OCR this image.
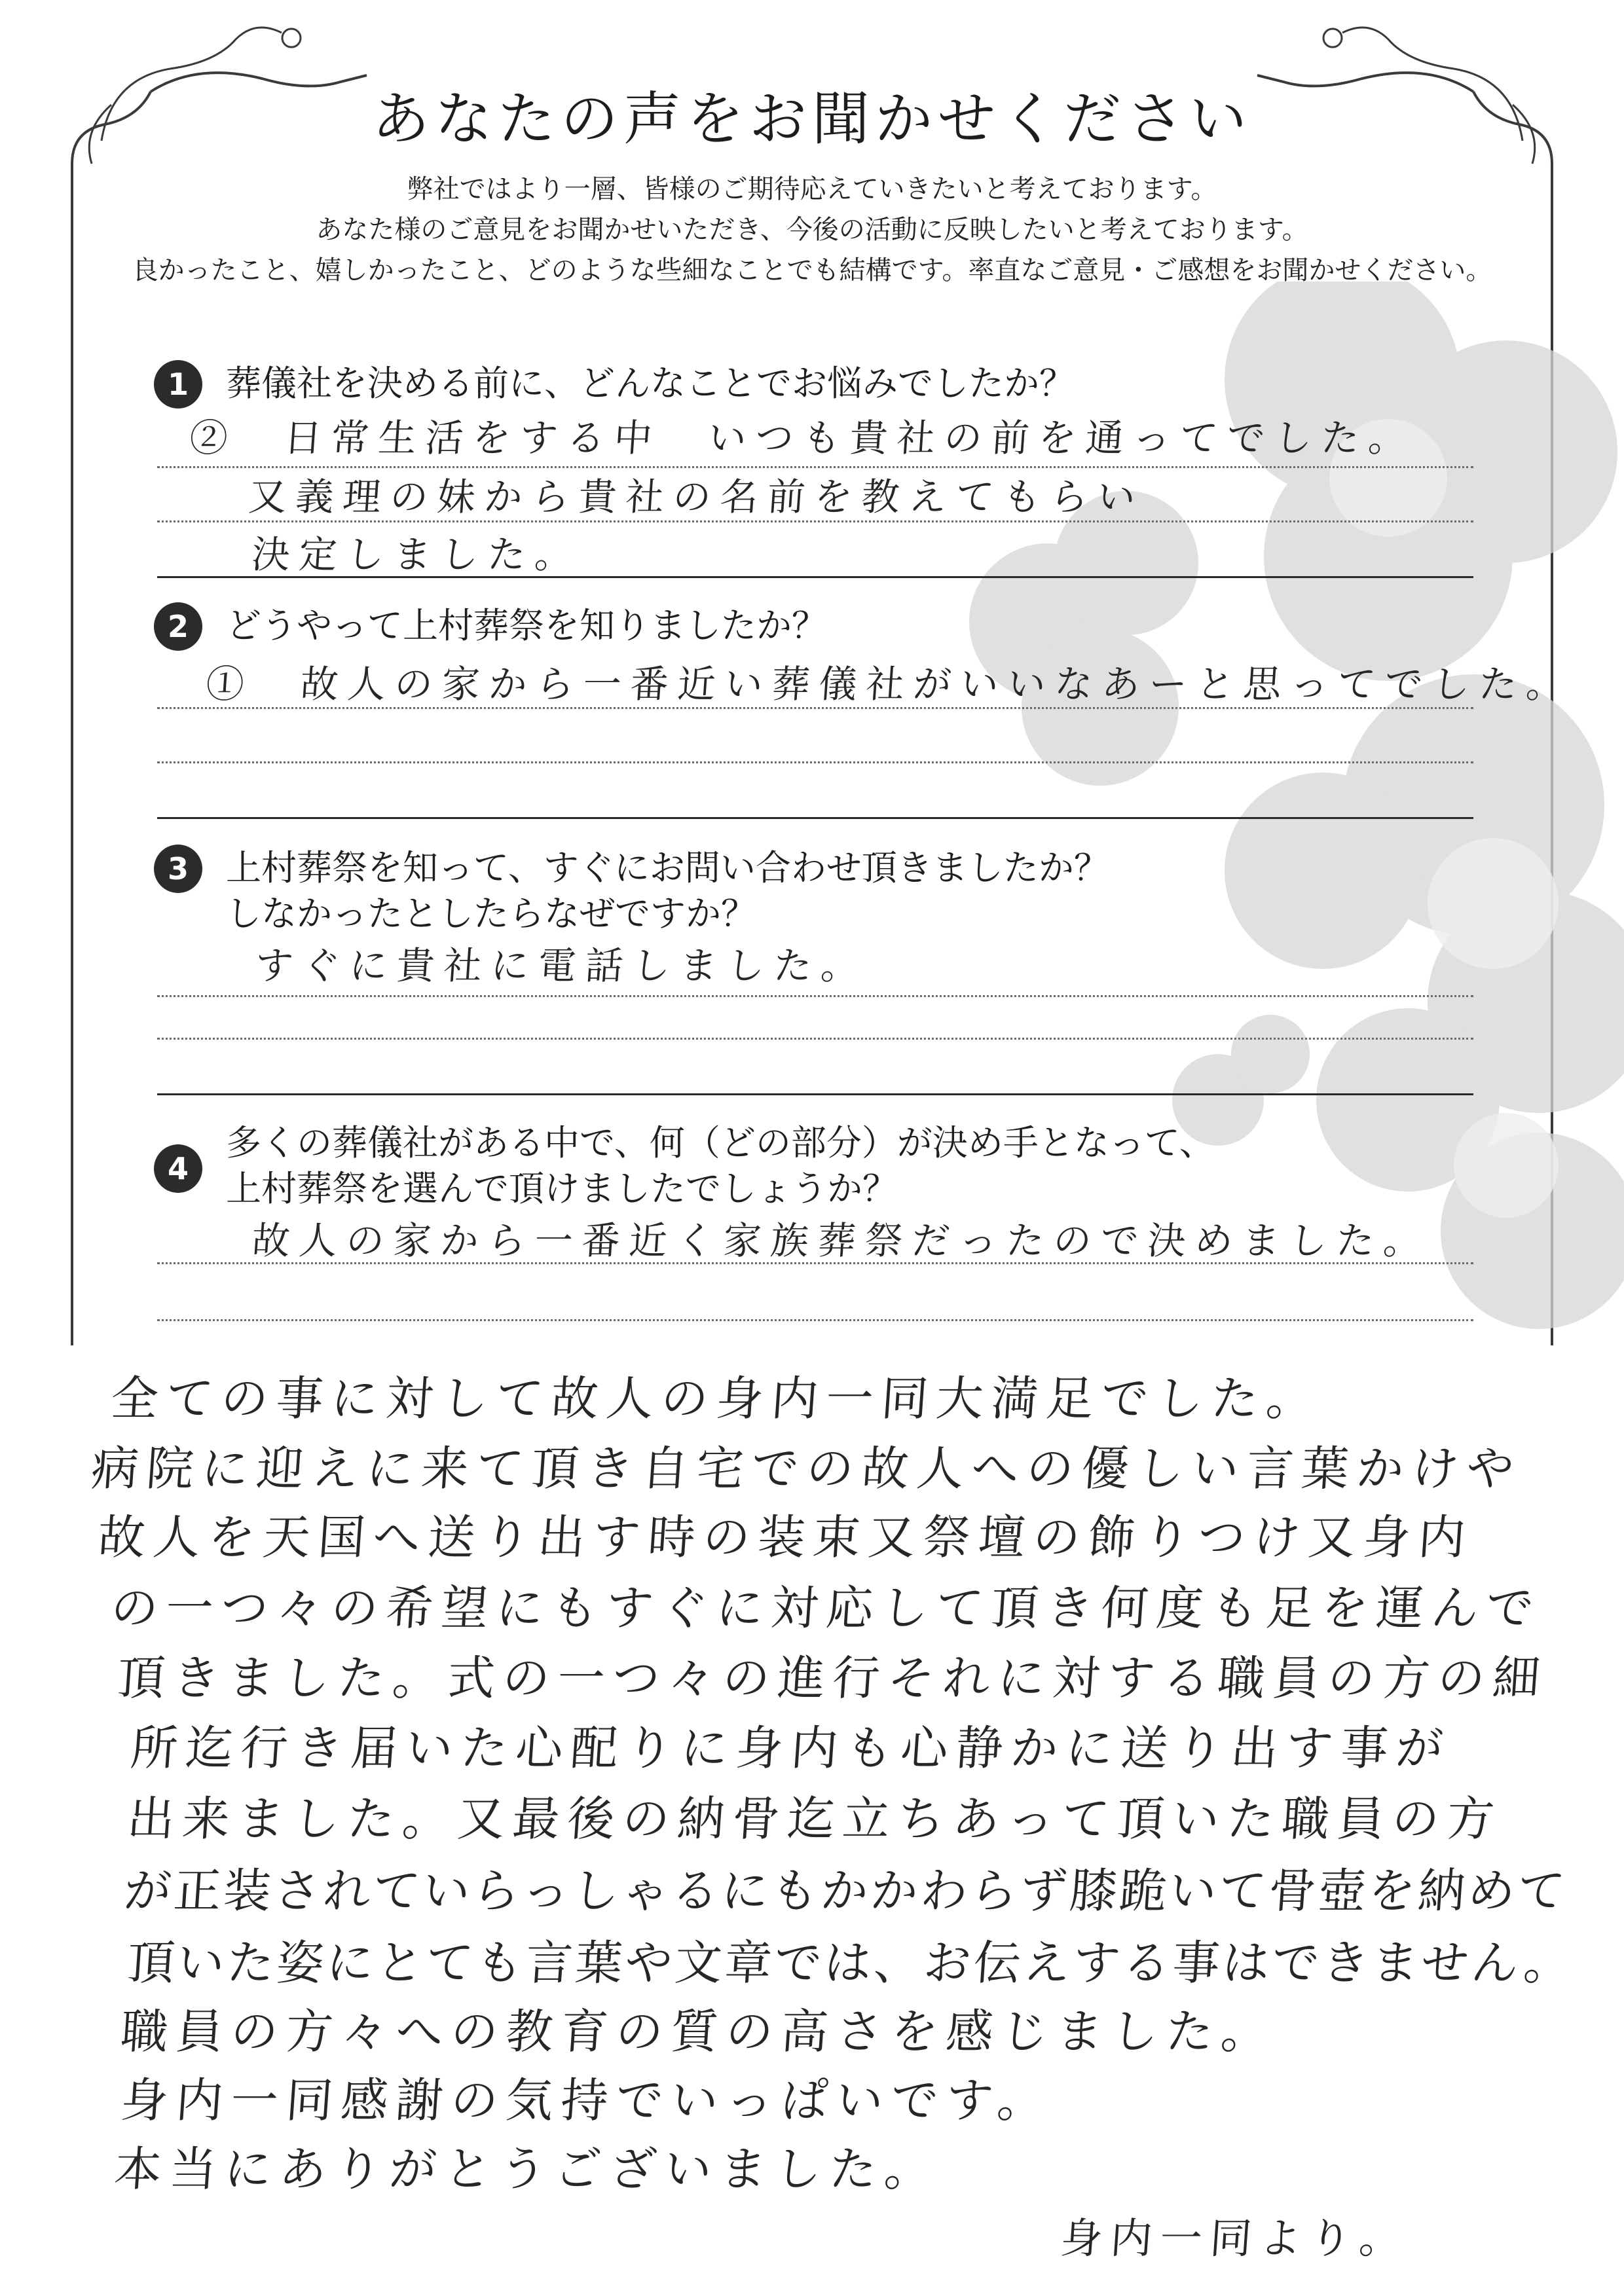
あなたの声をお聞かせください
弊社ではより一層、皆様のご期待応えていきたいと考えております。
あなた様のご意見をお聞かせいただき、今後の活動に反映したいと考えております。
良かったこと、嬉しかったこと、どのような些細なことでも結構です。率直なご意見・ご感想をお聞かせください。
1	葬儀社を決める前に、どんなことでお悩みでしたか？
②　日常生活をする中　いつも貴社の前を通ってでした。
又義理の妹から貴社の名前を教えてもらい
決定しました。
2	どうやって上村葬祭を知りましたか？
①　故人の家から一番近い葬儀社がいいなあーと思ってでした。
3	上村葬祭を知って、すぐにお問い合わせ頂きましたか？
しなかったとしたらなぜですか？
すぐに貴社に電話しました。
4
多くの葬儀社がある中で、何（どの部分）が決め手となって、
上村葬祭を選んで頂けましたでしょうか？
故人の家から一番近く家族葬祭だったので決めました。
全ての事に対して故人の身内一同大満足でした。
病院に迎えに来て頂き自宅での故人への優しい言葉かけや
故人を天国へ送り出す時の装束又祭壇の飾りつけ又身内
の一つ々の希望にもすぐに対応して頂き何度も足を運んで
頂きました。式の一つ々の進行それに対する職員の方の細
所迄行き届いた心配りに身内も心静かに送り出す事が
出来ました。又最後の納骨迄立ちあって頂いた職員の方
が正装されていらっしゃるにもかかわらず膝跪いて骨壺を納めて
頂いた姿にとても言葉や文章では、お伝えする事はできません。
職員の方々への教育の質の高さを感じました。
身内一同感謝の気持でいっぱいです。
本当にありがとうございました。
身内一同より。
